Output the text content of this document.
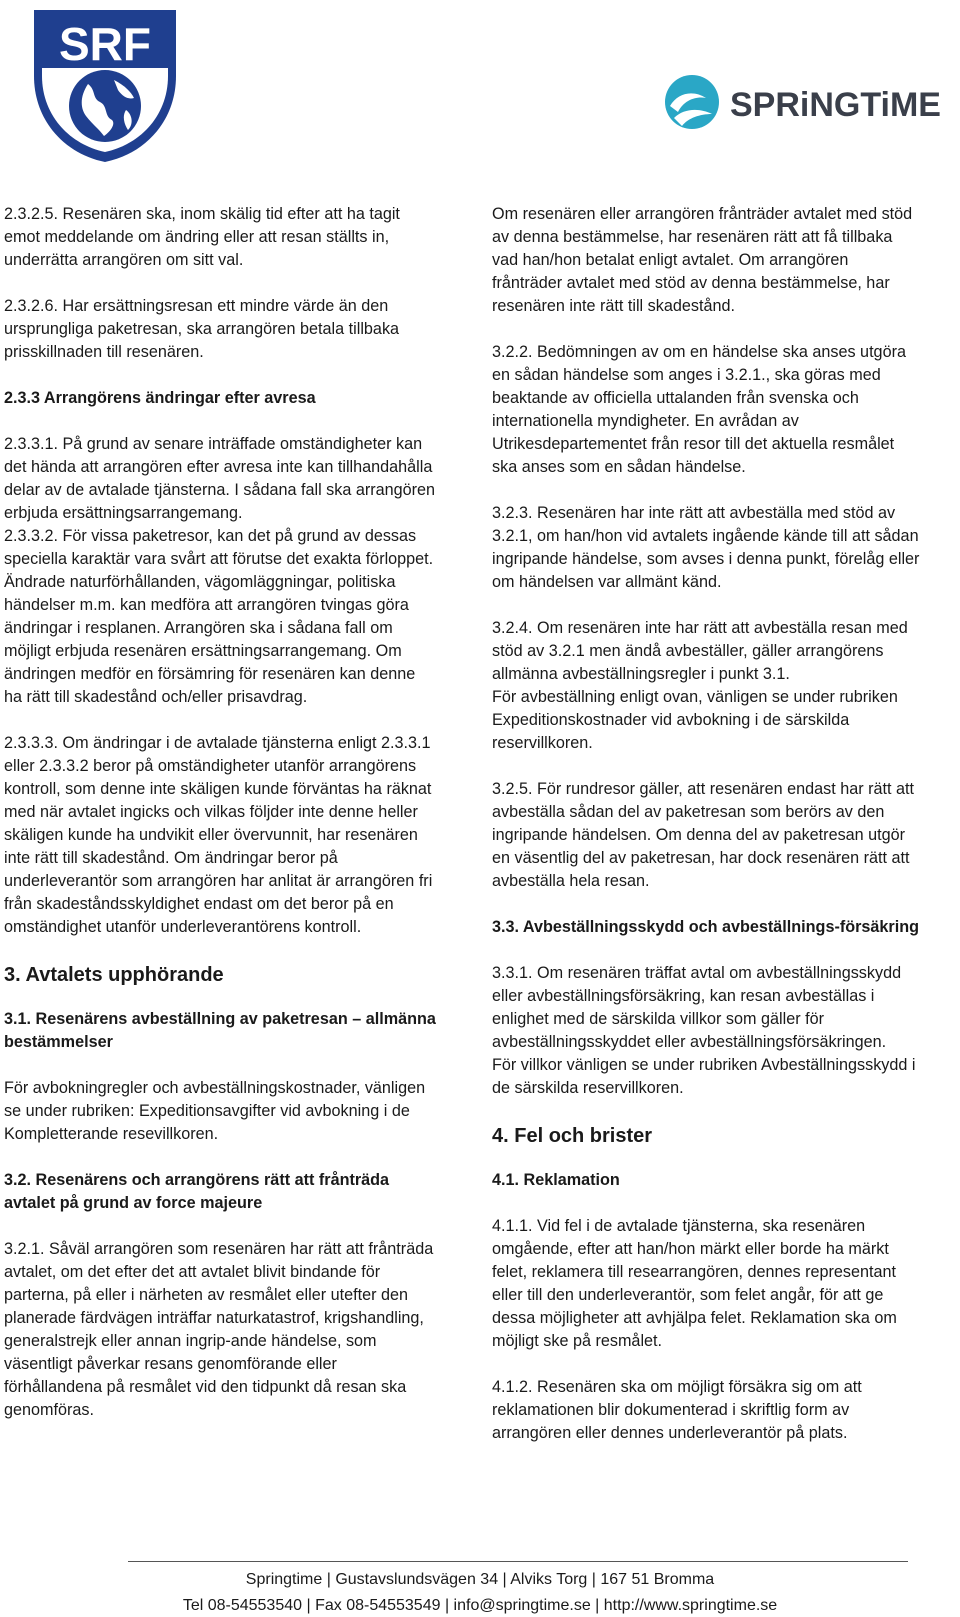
SRF
SPRiNGTiME

2.3.2.5. Resenären ska, inom skälig tid efter att ha tagit emot meddelande om ändring eller att resan ställts in, underrätta arrangören om sitt val.

2.3.2.6. Har ersättningsresan ett mindre värde än den ursprungliga paketresan, ska arrangören betala tillbaka prisskillnaden till resenären.

2.3.3 Arrangörens ändringar efter avresa

2.3.3.1. På grund av senare inträffade omständigheter kan det hända att arrangören efter avresa inte kan tillhandahålla delar av de avtalade tjänsterna. I sådana fall ska arrangören erbjuda ersättningsarrangemang.

2.3.3.2. För vissa paketresor, kan det på grund av dessas speciella karaktär vara svårt att förutse det exakta förloppet. Ändrade naturförhållanden, vägomläggningar, politiska händelser m.m. kan medföra att arrangören tvingas göra ändringar i resplanen. Arrangören ska i sådana fall om möjligt erbjuda resenären ersättningsarrangemang. Om ändringen medför en försämring för resenären kan denne ha rätt till skadestånd och/eller prisavdrag.

2.3.3.3. Om ändringar i de avtalade tjänsterna enligt 2.3.3.1 eller 2.3.3.2 beror på omständigheter utanför arrangörens kontroll, som denne inte skäligen kunde förväntas ha räknat med när avtalet ingicks och vilkas följder inte denne heller skäligen kunde ha undvikit eller övervunnit, har resenären inte rätt till skadestånd. Om ändringar beror på underleverantör som arrangören har anlitat är arrangören fri från skadeståndsskyldighet endast om det beror på en omständighet utanför underleverantörens kontroll.

3. Avtalets upphörande
3.1. Resenärens avbeställning av paketresan – allmänna bestämmelser

För avbokningregler och avbeställningskostnader, vänligen se under rubriken: Expeditionsavgifter vid avbokning i de Kompletterande resevillkoren.

3.2. Resenärens och arrangörens rätt att frånträda avtalet på grund av force majeure

3.2.1. Såväl arrangören som resenären har rätt att frånträda avtalet, om det efter det att avtalet blivit bindande för parterna, på eller i närheten av resmålet eller utefter den planerade färdvägen inträffar naturkatastrof, krigshandling, generalstrejk eller annan ingrip-ande händelse, som väsentligt påverkar resans genomförande eller förhållandena på resmålet vid den tidpunkt då resan ska genomföras.

Om resenären eller arrangören frånträder avtalet med stöd av denna bestämmelse, har resenären rätt att få tillbaka vad han/hon betalat enligt avtalet. Om arrangören frånträder avtalet med stöd av denna bestämmelse, har resenären inte rätt till skadestånd.

3.2.2. Bedömningen av om en händelse ska anses utgöra en sådan händelse som anges i 3.2.1., ska göras med beaktande av officiella uttalanden från svenska och internationella myndigheter. En avrådan av Utrikesdepartementet från resor till det aktuella resmålet ska anses som en sådan händelse.

3.2.3. Resenären har inte rätt att avbeställa med stöd av 3.2.1, om han/hon vid avtalets ingående kände till att sådan ingripande händelse, som avses i denna punkt, förelåg eller om händelsen var allmänt känd.

3.2.4. Om resenären inte har rätt att avbeställa resan med stöd av 3.2.1 men ändå avbeställer, gäller arrangörens allmänna avbeställningsregler i punkt 3.1.

För avbeställning enligt ovan, vänligen se under rubriken Expeditionskostnader vid avbokning i de särskilda reservillkoren.

3.2.5. För rundresor gäller, att resenären endast har rätt att avbeställa sådan del av paketresan som berörs av den ingripande händelsen. Om denna del av paketresan utgör en väsentlig del av paketresan, har dock resenären rätt att avbeställa hela resan.

3.3. Avbeställningsskydd och avbeställnings-försäkring

3.3.1. Om resenären träffat avtal om avbeställningsskydd eller avbeställningsförsäkring, kan resan avbeställas i enlighet med de särskilda villkor som gäller för avbeställningsskyddet eller avbeställningsförsäkringen.

För villkor vänligen se under rubriken Avbeställningsskydd i de särskilda reservillkoren.

4. Fel och brister
4.1. Reklamation

4.1.1. Vid fel i de avtalade tjänsterna, ska resenären omgående, efter att han/hon märkt eller borde ha märkt felet, reklamera till researrangören, dennes representant eller till den underleverantör, som felet angår, för att ge dessa möjligheter att avhjälpa felet. Reklamation ska om möjligt ske på resmålet.

4.1.2. Resenären ska om möjligt försäkra sig om att reklamationen blir dokumenterad i skriftlig form av arrangören eller dennes underleverantör på plats.

Springtime | Gustavslundsvägen 34 | Alviks Torg | 167 51 Bromma
Tel 08-54553540 | Fax 08-54553549 | info@springtime.se | http://www.springtime.se
